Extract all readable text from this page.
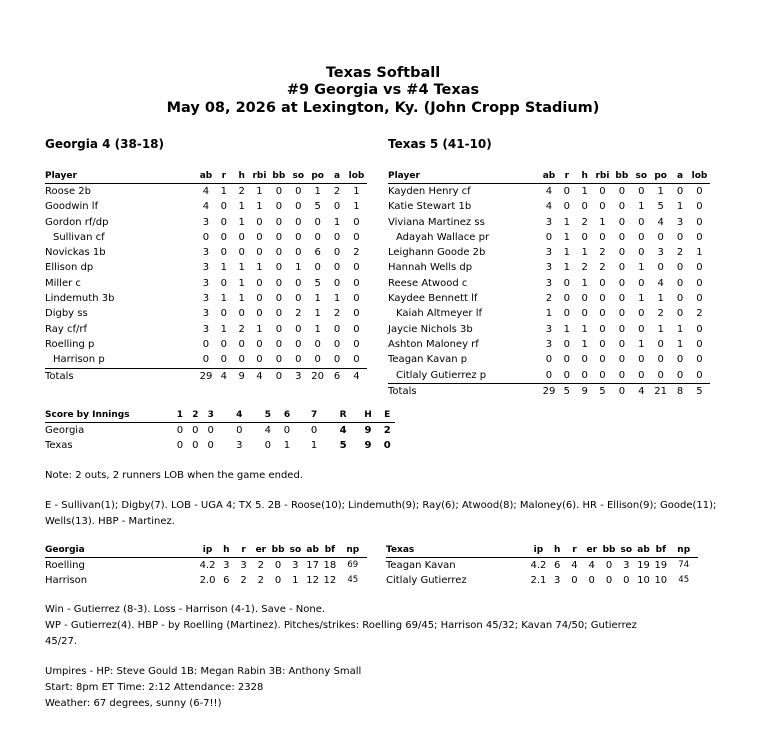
Texas Softball
#9 Georgia vs #4 Texas
May 08, 2026 at Lexington, Ky. (John Cropp Stadium)
Georgia 4 (38-18)	Texas 5 (41-10)
Player	ab	r	h	rbi	bb	so	po	a	lob
Roose 2b	4	1	2	1	0	0	1	2	1
Goodwin lf	4	0	1	1	0	0	5	0	1
Gordon rf/dp	3	0	1	0	0	0	0	1	0
Sullivan cf	0	0	0	0	0	0	0	0	0
Novickas 1b	3	0	0	0	0	0	6	0	2
Ellison dp	3	1	1	1	0	1	0	0	0
Miller c	3	0	1	0	0	0	5	0	0
Lindemuth 3b	3	1	1	0	0	0	1	1	0
Digby ss	3	0	0	0	0	2	1	2	0
Ray cf/rf	3	1	2	1	0	0	1	0	0
Roelling p	0	0	0	0	0	0	0	0	0
Harrison p	0	0	0	0	0	0	0	0	0
Totals	29	4	9	4	0	3	20	6	4
Player	ab	r	h	rbi	bb	so	po	a	lob
Kayden Henry cf	4	0	1	0	0	0	1	0	0
Katie Stewart 1b	4	0	0	0	0	1	5	1	0
Viviana Martinez ss	3	1	2	1	0	0	4	3	0
Adayah Wallace pr	0	1	0	0	0	0	0	0	0
Leighann Goode 2b	3	1	1	2	0	0	3	2	1
Hannah Wells dp	3	1	2	2	0	1	0	0	0
Reese Atwood c	3	0	1	0	0	0	4	0	0
Kaydee Bennett lf	2	0	0	0	0	1	1	0	0
Kaiah Altmeyer lf	1	0	0	0	0	0	2	0	2
Jaycie Nichols 3b	3	1	1	0	0	0	1	1	0
Ashton Maloney rf	3	0	1	0	0	1	0	1	0
Teagan Kavan p	0	0	0	0	0	0	0	0	0
Citlaly Gutierrez p	0	0	0	0	0	0	0	0	0
Totals	29	5	9	5	0	4	21	8	5
Score by Innings	1	2	3	4	5	6	7	R	H	E
Georgia	0	0	0	0	4	0	0	4	9	2
Texas	0	0	0	3	0	1	1	5	9	0
Note: 2 outs, 2 runners LOB when the game ended.
E - Sullivan(1); Digby(7). LOB - UGA 4; TX 5. 2B - Roose(10); Lindemuth(9); Ray(6); Atwood(8); Maloney(6). HR - Ellison(9); Goode(11); Wells(13). HBP - Martinez.
Georgia	ip	h	r	er	bb	so	ab	bf	np
Roelling	4.2	3	3	2	0	3	17	18	69
Harrison	2.0	6	2	2	0	1	12	12	45
Texas	ip	h	r	er	bb	so	ab	bf	np
Teagan Kavan	4.2	6	4	4	0	3	19	19	74
Citlaly Gutierrez	2.1	3	0	0	0	0	10	10	45
Win - Gutierrez (8-3). Loss - Harrison (4-1). Save - None.
WP - Gutierrez(4). HBP - by Roelling (Martinez). Pitches/strikes: Roelling 69/45; Harrison 45/32; Kavan 74/50; Gutierrez 45/27.
Umpires - HP: Steve Gould 1B: Megan Rabin 3B: Anthony Small
Start: 8pm ET Time: 2:12 Attendance: 2328
Weather: 67 degrees, sunny (6-7!!)
